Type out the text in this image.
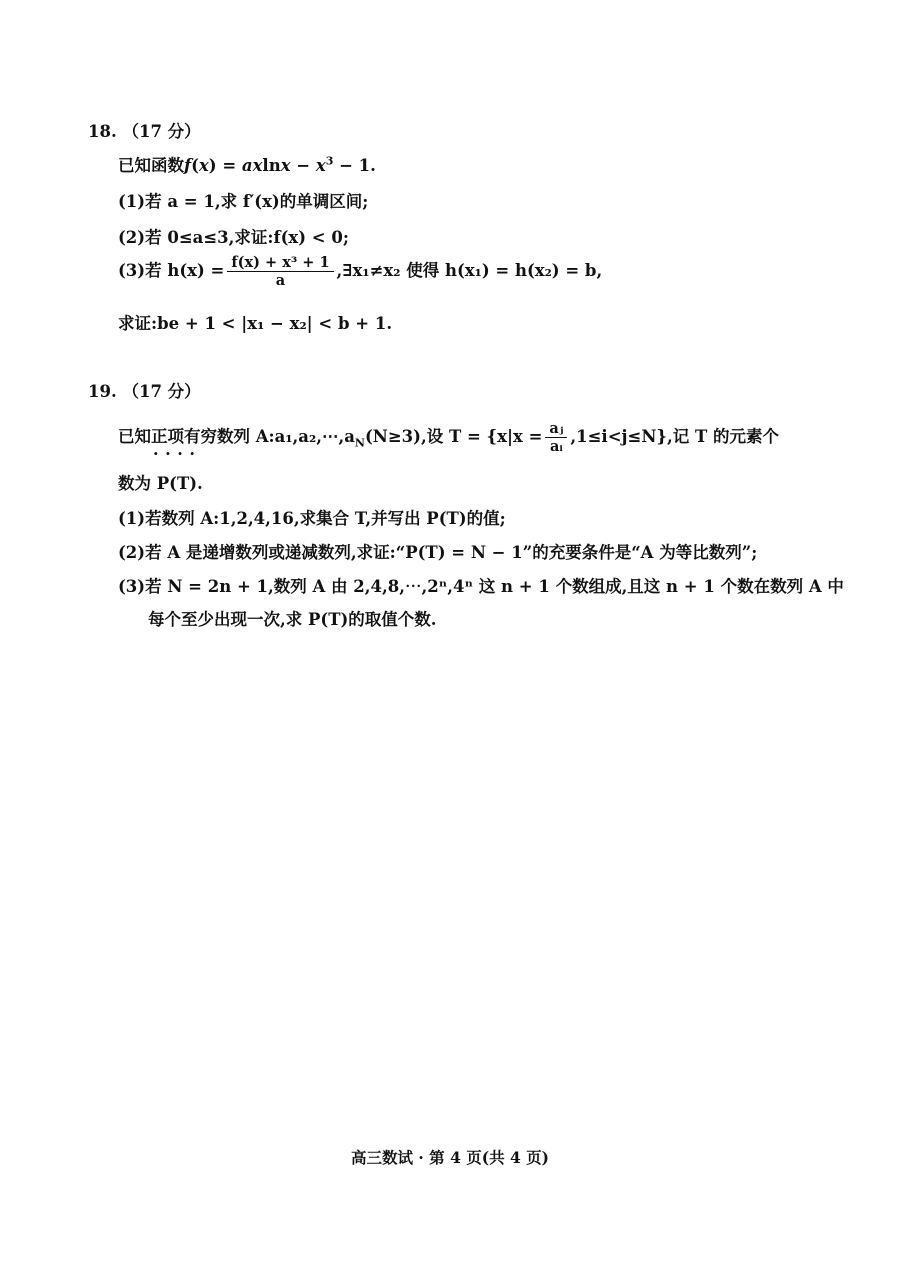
18. （17 分）
已知函数$f(x) = axlnx - x^3 - 1$.
(1)若 a = 1,求 f′(x)的单调区间;
(2)若 0≤a≤3,求证:f(x) < 0;
(3)若 $h(x) = \frac{\text{f(x) + x³ + 1}}{a}$ ,∃x₁≠x₂ 使得 h(x₁) = h(x₂) = b,
求证:be + 1 < |x₁ − x₂| < b + 1.
19. （17 分）
已知正项有穷 · ·数列 $A:a_1,a_2,\cdots,a_N(N\ge 3)$,设 $T = \{x|x = \frac{\text{aⱼ}}{\text{aᵢ}} ,1\le i<j\le N\}$,记 T 的元素个
数为 P(T).
(1)若数列 A:1,2,4,16,求集合 T,并写出 P(T)的值;
(2)若 A 是递增数列或递减数列,求证:“P(T) = N − 1”的充要条件是“A 为等比数列”;
(3)若 N = 2n + 1,数列 A 由 2,4,8,⋯,2ⁿ,4ⁿ 这 n + 1 个数组成,且这 n + 1 个数在数列 A 中
每个至少出现一次,求 P(T)的取值个数.
高三数试 · 第 4 页(共 4 页)
